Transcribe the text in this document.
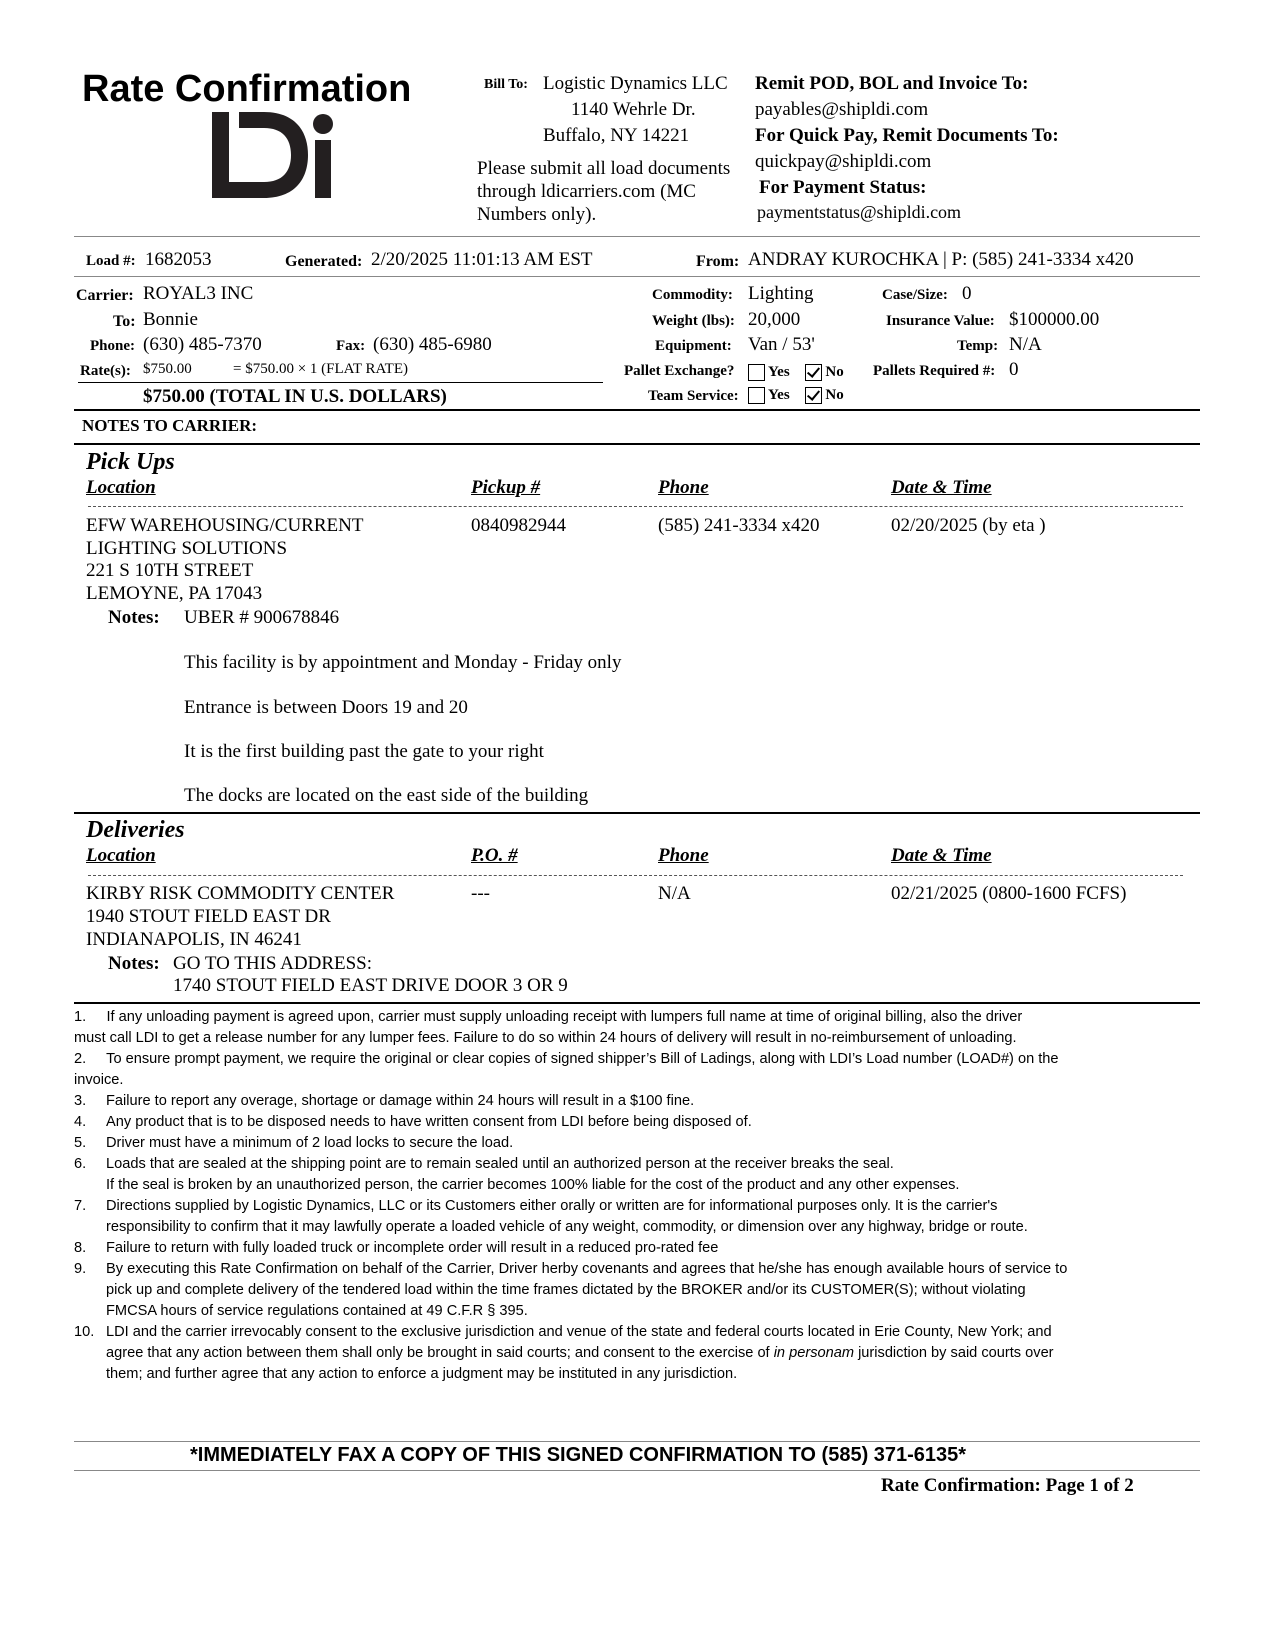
Rate Confirmation	Bill To: Logistic Dynamics LLC
1140 Wehrle Dr.
Buffalo, NY 14221
Please submit all load documents
through ldicarriers.com (MC
Numbers only).
Remit POD, BOL and Invoice To:
payables@shipldi.com
For Quick Pay, Remit Documents To:
quickpay@shipldi.com
For Payment Status:
paymentstatus@shipldi.com
Load #: 1682053	Generated: 2/20/2025 11:01:13 AM EST	From: ANDRAY KUROCHKA | P: (585) 241-3334 x420
Carrier: ROYAL3 INC
To: Bonnie
Phone: (630) 485-7370	Fax: (630) 485-6980
Rate(s): $750.00	= $750.00 × 1 (FLAT RATE)
$750.00 (TOTAL IN U.S. DOLLARS)
Commodity: Lighting
Weight (lbs): 20,000
Equipment: Van / 53'
Pallet Exchange?	Yes No
Team Service:	Yes No
Case/Size: 0
Insurance Value: $100000.00
Temp: N/A
Pallets Required #: 0
NOTES TO CARRIER:
Pick Ups
Location	Pickup #	Phone	Date & Time
EFW WAREHOUSING/CURRENT
LIGHTING SOLUTIONS
221 S 10TH STREET
LEMOYNE, PA 17043
0840982944	(585) 241-3334 x420	02/20/2025 (by eta )
Notes: UBER # 900678846
This facility is by appointment and Monday - Friday only
Entrance is between Doors 19 and 20
It is the first building past the gate to your right
The docks are located on the east side of the building
Deliveries
Location	P.O. #	Phone	Date & Time
KIRBY RISK COMMODITY CENTER
1940 STOUT FIELD EAST DR
INDIANAPOLIS, IN 46241
---	N/A	02/21/2025 (0800-1600 FCFS)
Notes: GO TO THIS ADDRESS:
1740 STOUT FIELD EAST DRIVE DOOR 3 OR 9
1.     If any unloading payment is agreed upon, carrier must supply unloading receipt with lumpers full name at time of original billing, also the driver
must call LDI to get a release number for any lumper fees. Failure to do so within 24 hours of delivery will result in no-reimbursement of unloading.
2.     To ensure prompt payment, we require the original or clear copies of signed shipper’s Bill of Ladings, along with LDI’s Load number (LOAD#) on the
invoice.
3. Failure to report any overage, shortage or damage within 24 hours will result in a $100 fine.
4. Any product that is to be disposed needs to have written consent from LDI before being disposed of.
5. Driver must have a minimum of 2 load locks to secure the load.
6. Loads that are sealed at the shipping point are to remain sealed until an authorized person at the receiver breaks the seal.
If the seal is broken by an unauthorized person, the carrier becomes 100% liable for the cost of the product and any other expenses.
7. Directions supplied by Logistic Dynamics, LLC or its Customers either orally or written are for informational purposes only. It is the carrier's
responsibility to confirm that it may lawfully operate a loaded vehicle of any weight, commodity, or dimension over any highway, bridge or route.
8. Failure to return with fully loaded truck or incomplete order will result in a reduced pro-rated fee
9. By executing this Rate Confirmation on behalf of the Carrier, Driver herby covenants and agrees that he/she has enough available hours of service to
pick up and complete delivery of the tendered load within the time frames dictated by the BROKER and/or its CUSTOMER(S); without violating
FMCSA hours of service regulations contained at 49 C.F.R § 395.
10. LDI and the carrier irrevocably consent to the exclusive jurisdiction and venue of the state and federal courts located in Erie County, New York; and
agree that any action between them shall only be brought in said courts; and consent to the exercise of in personam jurisdiction by said courts over
them; and further agree that any action to enforce a judgment may be instituted in any jurisdiction.
*IMMEDIATELY FAX A COPY OF THIS SIGNED CONFIRMATION TO (585) 371-6135*
Rate Confirmation: Page 1 of 2
